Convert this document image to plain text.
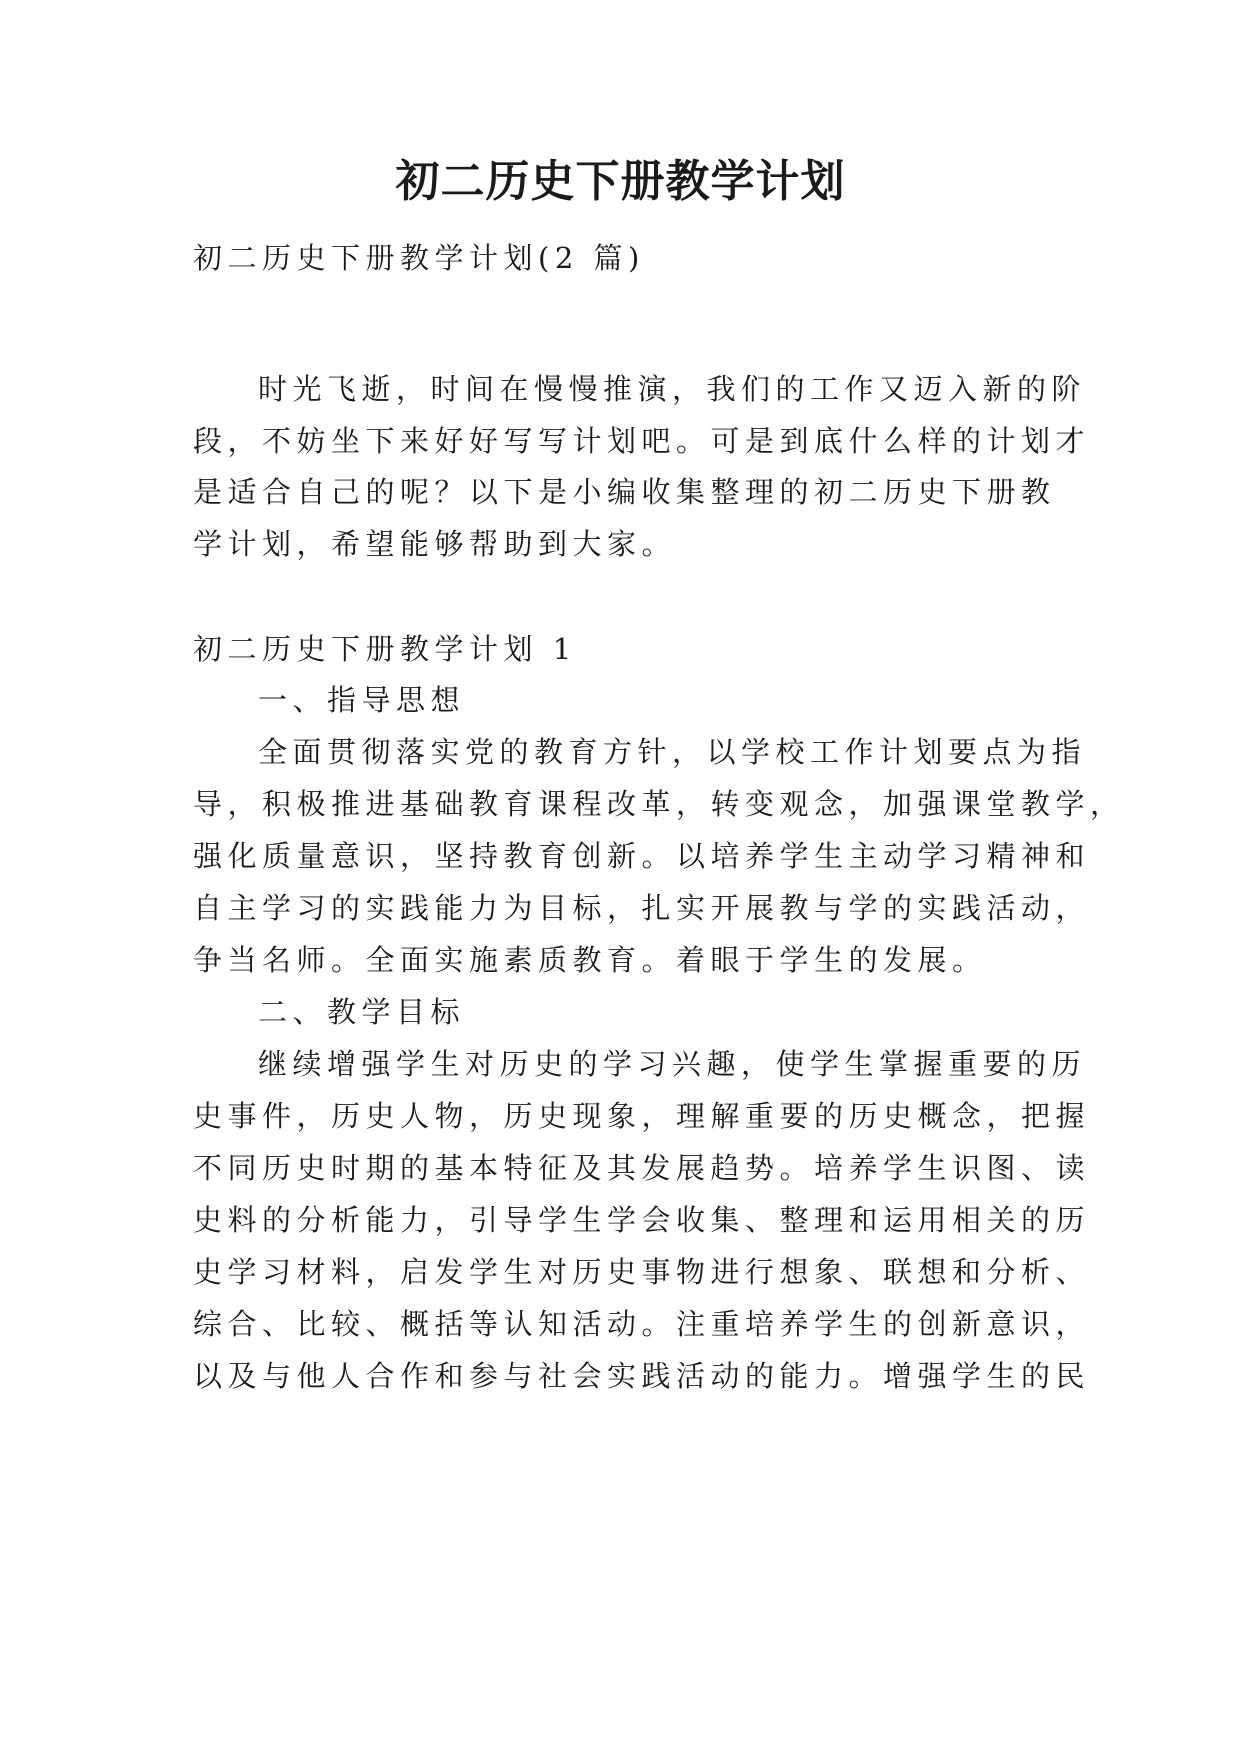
初二历史下册教学计划

初二历史下册教学计划(2 篇)

时光飞逝，时间在慢慢推演，我们的工作又迈入新的阶

段，不妨坐下来好好写写计划吧。可是到底什么样的计划才

是适合自己的呢？以下是小编收集整理的初二历史下册教

学计划，希望能够帮助到大家。

初二历史下册教学计划 1

一、指导思想

全面贯彻落实党的教育方针，以学校工作计划要点为指

导，积极推进基础教育课程改革，转变观念，加强课堂教学，

强化质量意识，坚持教育创新。以培养学生主动学习精神和

自主学习的实践能力为目标，扎实开展教与学的实践活动，

争当名师。全面实施素质教育。着眼于学生的发展。

二、教学目标

继续增强学生对历史的学习兴趣，使学生掌握重要的历

史事件，历史人物，历史现象，理解重要的历史概念，把握

不同历史时期的基本特征及其发展趋势。培养学生识图、读

史料的分析能力，引导学生学会收集、整理和运用相关的历

史学习材料，启发学生对历史事物进行想象、联想和分析、

综合、比较、概括等认知活动。注重培养学生的创新意识，

以及与他人合作和参与社会实践活动的能力。增强学生的民
